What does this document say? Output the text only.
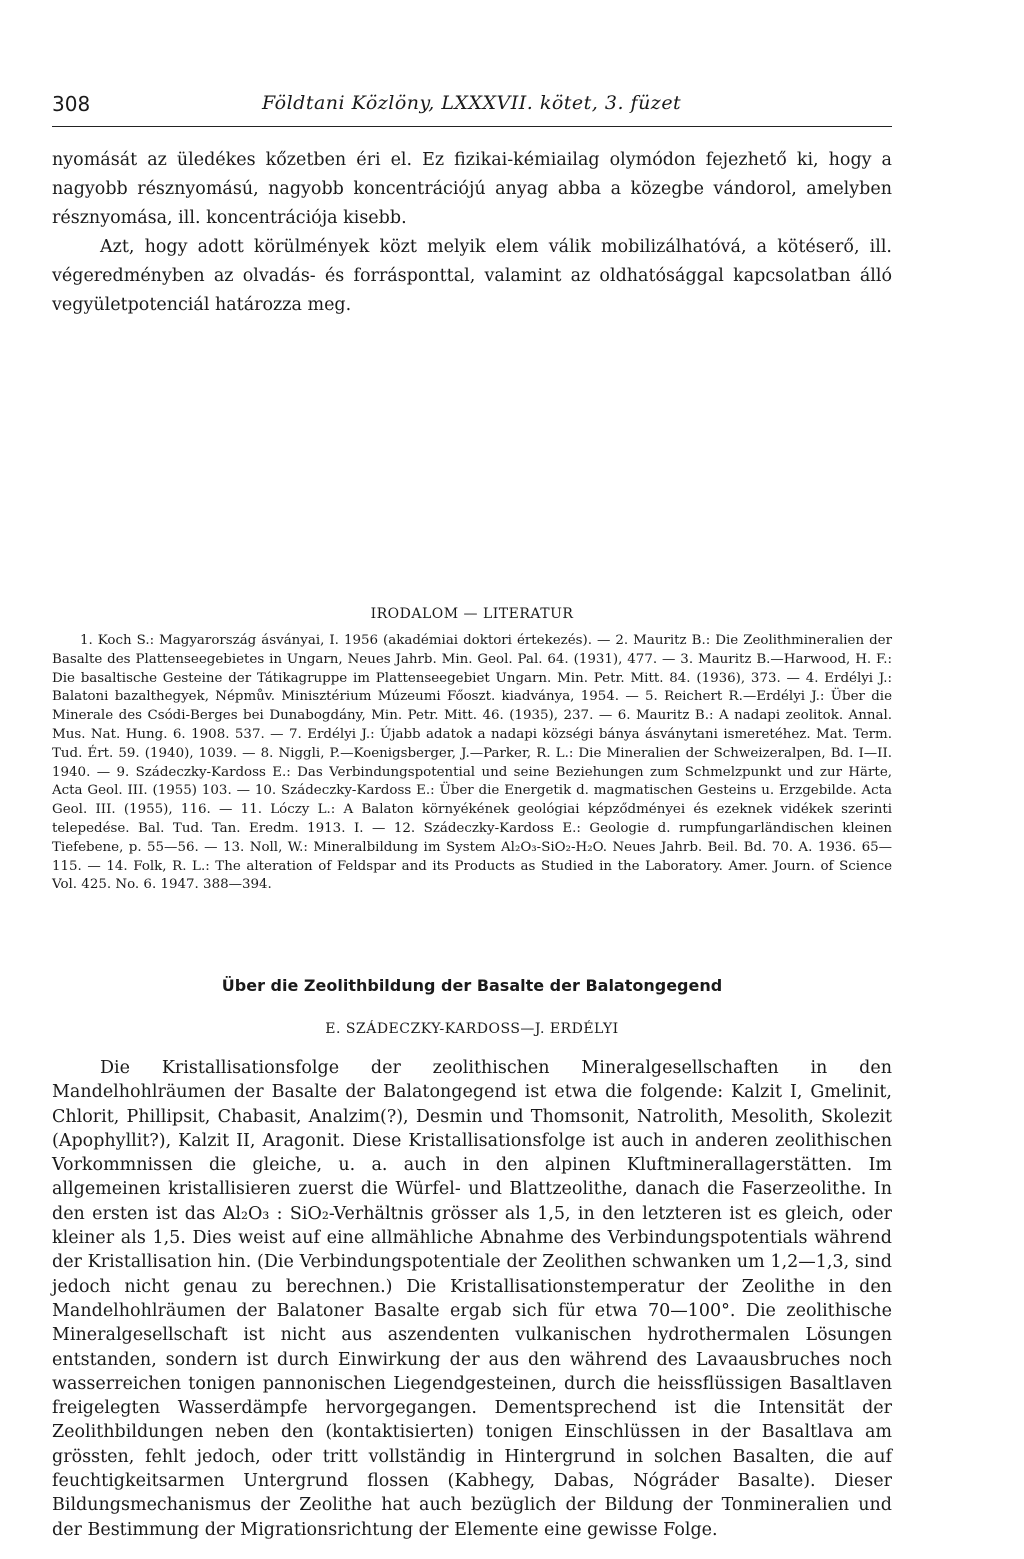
308	Földtani Közlöny, LXXXVII. kötet, 3. füzet

nyomását az üledékes kőzetben éri el. Ez fizikai-kémiailag olymódon fejezhető ki, hogy a nagyobb résznyomású, nagyobb koncentrációjú anyag abba a közegbe vándorol, amelyben résznyomása, ill. koncentrációja kisebb.

Azt, hogy adott körülmények közt melyik elem válik mobilizálhatóvá, a kötéserő, ill. végeredményben az olvadás- és forrásponttal, valamint az oldhatósággal kapcsolatban álló vegyületpotenciál határozza meg.

IRODALOM — LITERATUR

1. Koch S.: Magyarország ásványai, I. 1956 (akadémiai doktori értekezés). — 2. Mauritz B.: Die Zeolithmineralien der Basalte des Plattenseegebietes in Ungarn, Neues Jahrb. Min. Geol. Pal. 64. (1931), 477. — 3. Mauritz B.—Harwood, H. F.: Die basaltische Gesteine der Tátikagruppe im Plattenseegebiet Ungarn. Min. Petr. Mitt. 84. (1936), 373. — 4. Erdélyi J.: Balatoni bazalthegyek, Népmův. Minisztérium Múzeumi Főoszt. kiadványa, 1954. — 5. Reichert R.—Erdélyi J.: Über die Minerale des Csódi-Berges bei Dunabogdány, Min. Petr. Mitt. 46. (1935), 237. — 6. Mauritz B.: A nadapi zeolitok. Annal. Mus. Nat. Hung. 6. 1908. 537. — 7. Erdélyi J.: Újabb adatok a nadapi községi bánya ásványtani ismeretéhez. Mat. Term. Tud. Ért. 59. (1940), 1039. — 8. Niggli, P.—Koenigsberger, J.—Parker, R. L.: Die Mineralien der Schweizeralpen, Bd. I—II. 1940. — 9. Szádeczky-Kardoss E.: Das Verbindungspotential und seine Beziehungen zum Schmelzpunkt und zur Härte, Acta Geol. III. (1955) 103. — 10. Szádeczky-Kardoss E.: Über die Energetik d. magmatischen Gesteins u. Erzgebilde. Acta Geol. III. (1955), 116. — 11. Lóczy L.: A Balaton környékének geológiai képződményei és ezeknek vidékek szerinti telepedése. Bal. Tud. Tan. Eredm. 1913. I. — 12. Szádeczky-Kardoss E.: Geologie d. rumpfungarländischen kleinen Tiefebene, p. 55—56. — 13. Noll, W.: Mineralbildung im System Al₂O₃-SiO₂-H₂O. Neues Jahrb. Beil. Bd. 70. A. 1936. 65—115. — 14. Folk, R. L.: The alteration of Feldspar and its Products as Studied in the Laboratory. Amer. Journ. of Science Vol. 425. No. 6. 1947. 388—394.

Über die Zeolithbildung der Basalte der Balatongegend
E. SZÁDECZKY-KARDOSS—J. ERDÉLYI

Die Kristallisationsfolge der zeolithischen Mineralgesellschaften in den Mandelhohlräumen der Basalte der Balatongegend ist etwa die folgende: Kalzit I, Gmelinit, Chlorit, Phillipsit, Chabasit, Analzim(?), Desmin und Thomsonit, Natrolith, Mesolith, Skolezit (Apophyllit?), Kalzit II, Aragonit. Diese Kristallisationsfolge ist auch in anderen zeolithischen Vorkommnissen die gleiche, u. a. auch in den alpinen Kluftminerallagerstätten. Im allgemeinen kristallisieren zuerst die Würfel- und Blattzeolithe, danach die Faserzeolithe. In den ersten ist das Al₂O₃ : SiO₂-Verhältnis grösser als 1,5, in den letzteren ist es gleich, oder kleiner als 1,5. Dies weist auf eine allmähliche Abnahme des Verbindungspotentials während der Kristallisation hin. (Die Verbindungspotentiale der Zeolithen schwanken um 1,2—1,3, sind jedoch nicht genau zu berechnen.) Die Kristallisationstemperatur der Zeolithe in den Mandelhohlräumen der Balatoner Basalte ergab sich für etwa 70—100°. Die zeolithische Mineralgesellschaft ist nicht aus aszendenten vulkanischen hydrothermalen Lösungen entstanden, sondern ist durch Einwirkung der aus den während des Lavaausbruches noch wasserreichen tonigen pannonischen Liegendgesteinen, durch die heissflüssigen Basaltlaven freigelegten Wasserdämpfe hervorgegangen. Dementsprechend ist die Intensität der Zeolithbildungen neben den (kontaktisierten) tonigen Einschlüssen in der Basaltlava am grössten, fehlt jedoch, oder tritt vollständig in Hintergrund in solchen Basalten, die auf feuchtigkeitsarmen Untergrund flossen (Kabhegy, Dabas, Nógráder Basalte). Dieser Bildungsmechanismus der Zeolithe hat auch bezüglich der Bildung der Tonmineralien und der Bestimmung der Migrationsrichtung der Elemente eine gewisse Folge.
